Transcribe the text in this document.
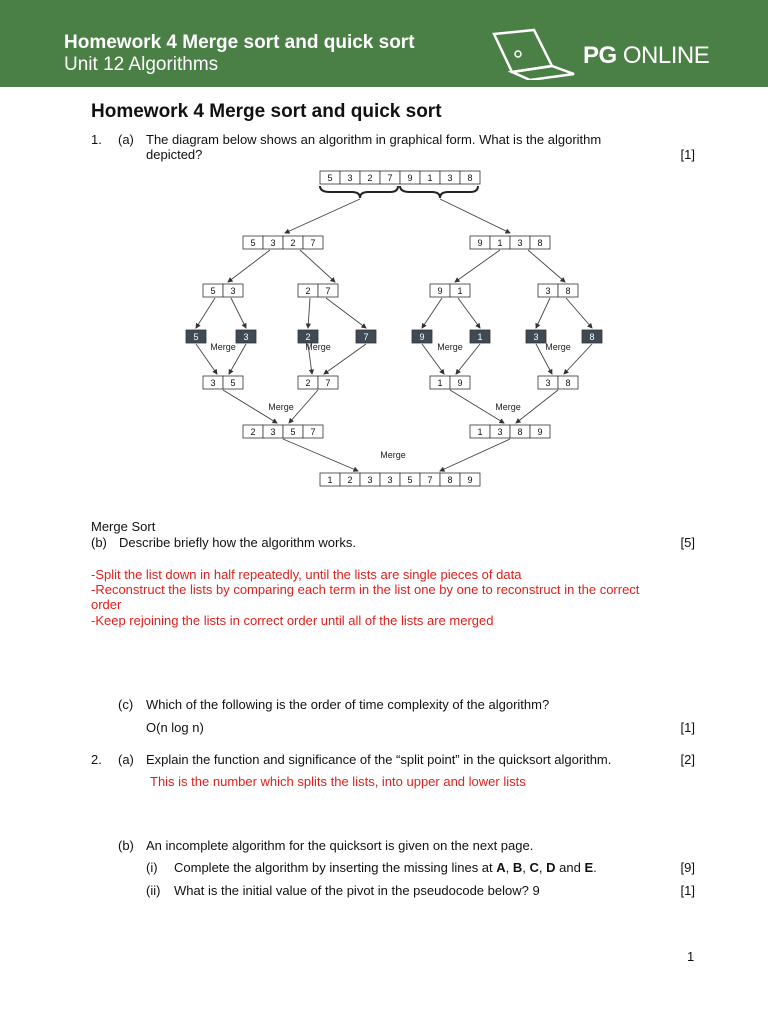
Homework 4 Merge sort and quick sort
Unit 12 Algorithms	PG ONLINE
Homework 4 Merge sort and quick sort
1. (a) The diagram below shows an algorithm in graphical form. What is the algorithm
depicted?	[1]
5 3 2 7 9 1 3 8
5 3 2 7	9 1 3 8
5 3	2 7	9 1	3 8
5	3	2	7	9	1	3	8
3 5	2 7	1 9	3 8
2 3 5 7	1 3 8 9
1 2 3 3 5 7 8 9
Merge	Merge	Merge	Merge
Merge	Merge
Merge
Merge Sort
(b) Describe briefly how the algorithm works.	[5]
-Split the list down in half repeatedly, until the lists are single pieces of data
-Reconstruct the lists by comparing each term in the list one by one to reconstruct in the correct
order
-Keep rejoining the lists in correct order until all of the lists are merged
(c) Which of the following is the order of time complexity of the algorithm?
O(n log n)	[1]
2. (a) Explain the function and significance of the “split point” in the quicksort algorithm.	[2]
This is the number which splits the lists, into upper and lower lists
(b) An incomplete algorithm for the quicksort is given on the next page.
(i) Complete the algorithm by inserting the missing lines at A, B, C, D and E.	[9]
(ii) What is the initial value of the pivot in the pseudocode below? 9	[1]
1
